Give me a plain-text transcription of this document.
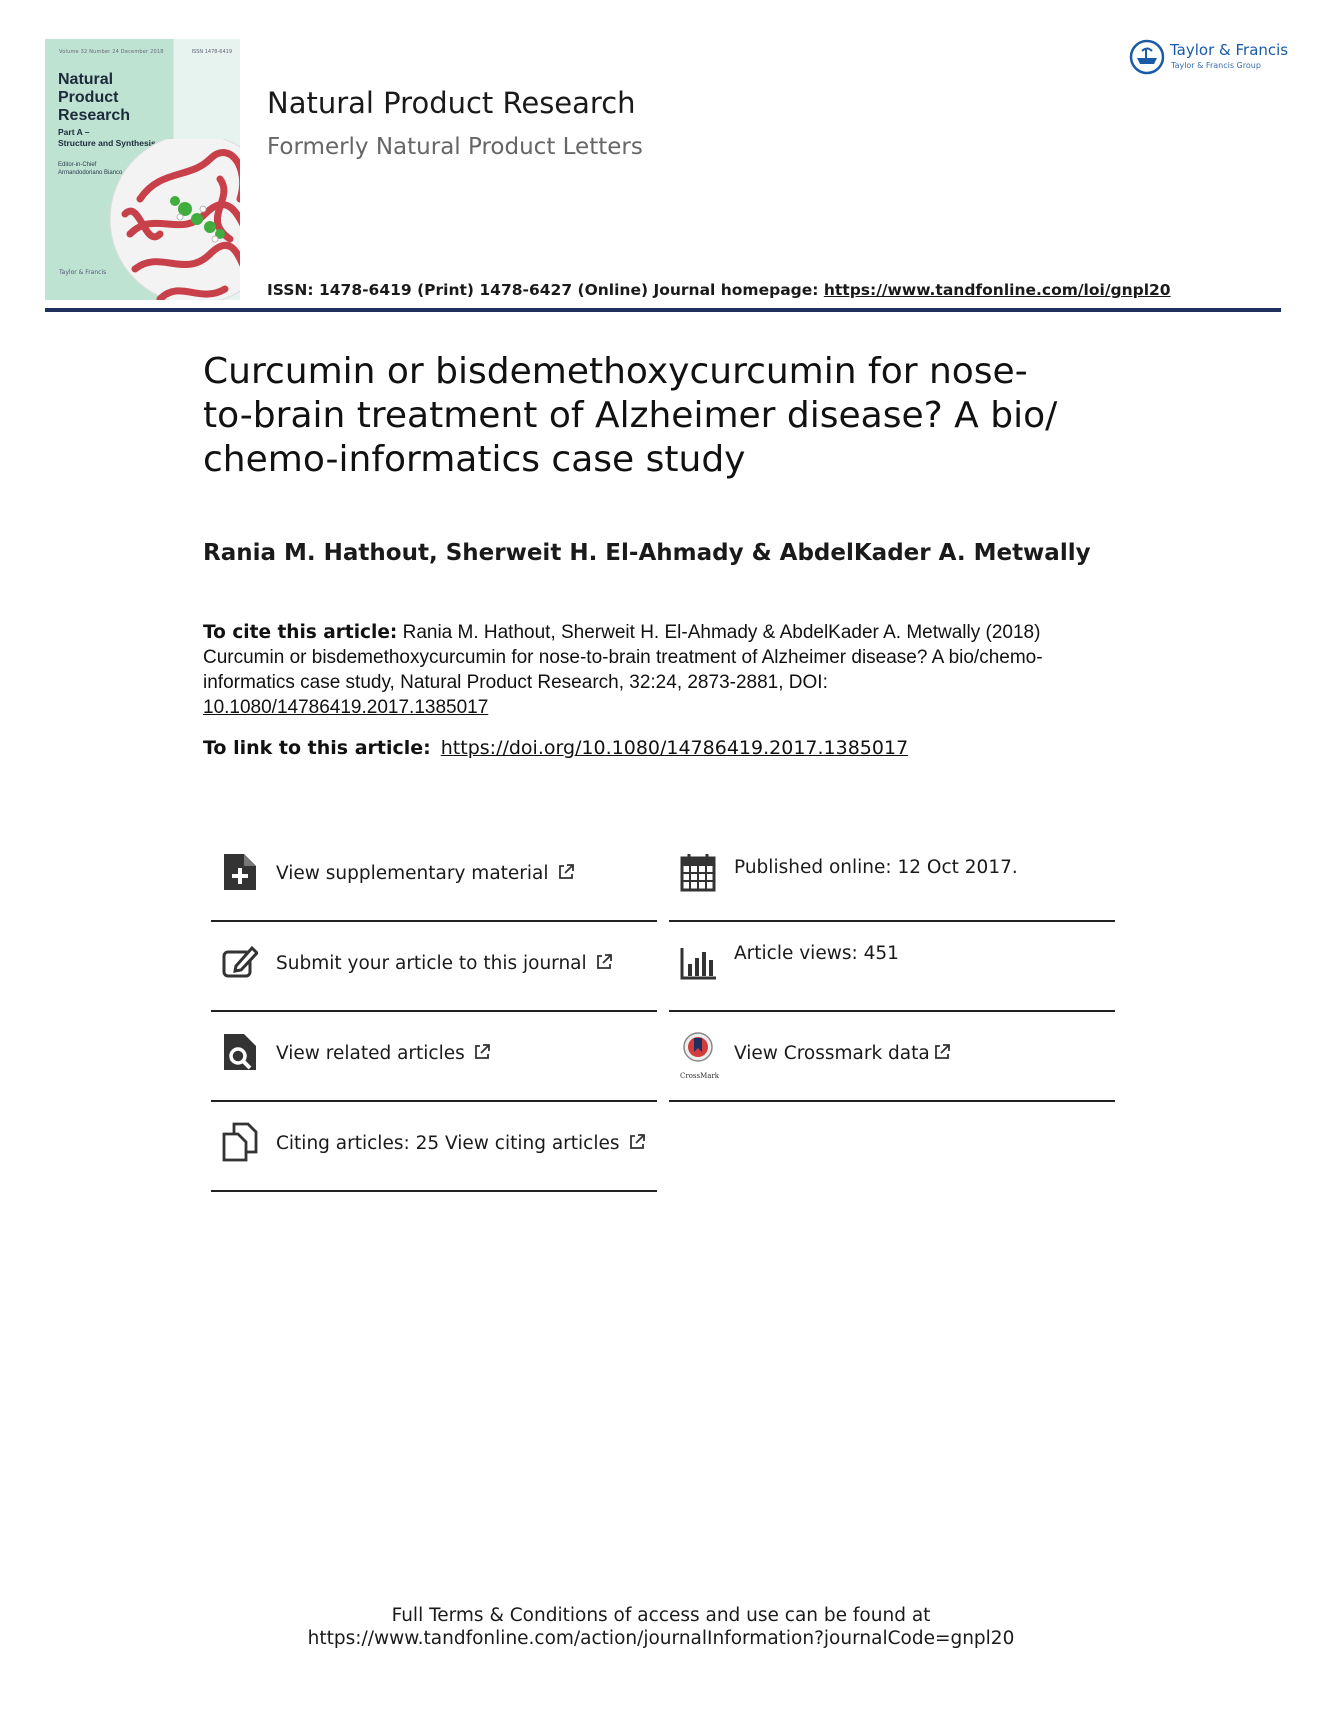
Volume 32 Number 24 December 2018	ISSN 1478-6419
Natural
Product
Research
Part A –
Structure and Synthesis
Editor-in-Chief
Armandodoriano Bianco
Taylor & Francis
Natural Product Research
Formerly Natural Product Letters
ISSN: 1478-6419 (Print) 1478-6427 (Online) Journal homepage: https://www.tandfonline.com/loi/gnpl20
Taylor & Francis
Taylor & Francis Group
Curcumin or bisdemethoxycurcumin for nose-
to-brain treatment of Alzheimer disease? A bio/
chemo-informatics case study
Rania M. Hathout, Sherweit H. El-Ahmady & AbdelKader A. Metwally
To cite this article: Rania M. Hathout, Sherweit H. El-Ahmady & AbdelKader A. Metwally (2018) Curcumin or bisdemethoxycurcumin for nose-to-brain treatment of Alzheimer disease? A bio/chemo-informatics case study, Natural Product Research, 32:24, 2873-2881, DOI: 10.1080/14786419.2017.1385017
To link to this article: https://doi.org/10.1080/14786419.2017.1385017
View supplementary material
Submit your article to this journal
View related articles
Citing articles: 25 View citing articles
Published online: 12 Oct 2017.
Article views: 451
CrossMark
View Crossmark data
Full Terms & Conditions of access and use can be found at
https://www.tandfonline.com/action/journalInformation?journalCode=gnpl20
